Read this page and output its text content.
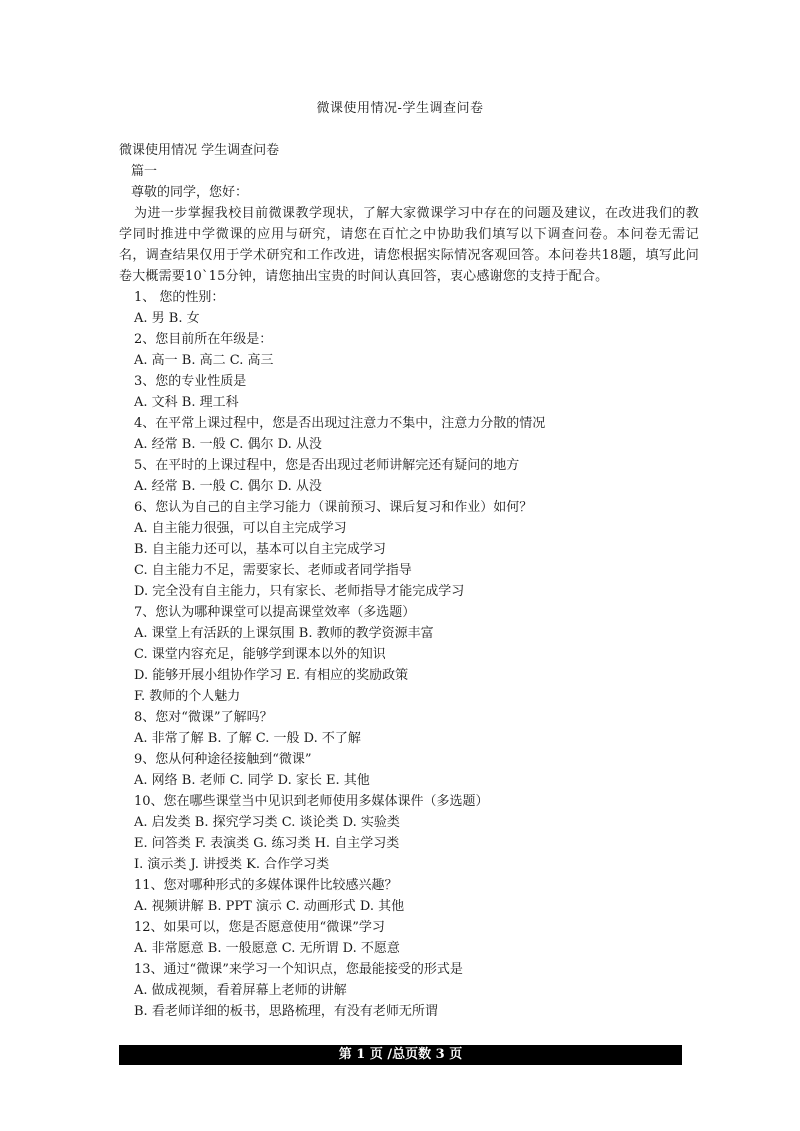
微课使用情况-学生调查问卷
微课使用情况 学生调查问卷
篇一
尊敬的同学，您好：
为进一步掌握我校目前微课教学现状，了解大家微课学习中存在的问题及建议，在改进我们的教学同时推进中学微课的应用与研究，请您在百忙之中协助我们填写以下调查问卷。本问卷无需记名，调查结果仅用于学术研究和工作改进，请您根据实际情况客观回答。本问卷共18题，填写此问卷大概需要10`15分钟，请您抽出宝贵的时间认真回答，衷心感谢您的支持于配合。
1、 您的性别：
A. 男 B. 女
2、您目前所在年级是：
A. 高一 B. 高二 C. 高三
3、您的专业性质是
A. 文科 B. 理工科
4、在平常上课过程中，您是否出现过注意力不集中，注意力分散的情况
A. 经常 B. 一般 C. 偶尔 D. 从没
5、在平时的上课过程中，您是否出现过老师讲解完还有疑问的地方
A. 经常 B. 一般 C. 偶尔 D. 从没
6、您认为自己的自主学习能力（课前预习、课后复习和作业）如何？
A. 自主能力很强，可以自主完成学习
B. 自主能力还可以，基本可以自主完成学习
C. 自主能力不足，需要家长、老师或者同学指导
D. 完全没有自主能力，只有家长、老师指导才能完成学习
7、您认为哪种课堂可以提高课堂效率（多选题）
A. 课堂上有活跃的上课氛围 B. 教师的教学资源丰富
C. 课堂内容充足，能够学到课本以外的知识
D. 能够开展小组协作学习 E. 有相应的奖励政策
F. 教师的个人魅力
8、您对“微课”了解吗？
A. 非常了解 B. 了解 C. 一般 D. 不了解
9、您从何种途径接触到“微课”
A. 网络 B. 老师 C. 同学 D. 家长 E. 其他
10、您在哪些课堂当中见识到老师使用多媒体课件（多选题）
A. 启发类 B. 探究学习类 C. 谈论类 D. 实验类
E. 问答类 F. 表演类 G. 练习类 H. 自主学习类
I. 演示类 J. 讲授类 K. 合作学习类
11、您对哪种形式的多媒体课件比较感兴趣？
A. 视频讲解 B. PPT 演示 C. 动画形式 D. 其他
12、如果可以，您是否愿意使用“微课”学习
A. 非常愿意 B. 一般愿意 C. 无所谓 D. 不愿意
13、通过“微课”来学习一个知识点，您最能接受的形式是
A. 做成视频，看着屏幕上老师的讲解
B. 看老师详细的板书，思路梳理，有没有老师无所谓
第 1 页 /总页数 3 页
